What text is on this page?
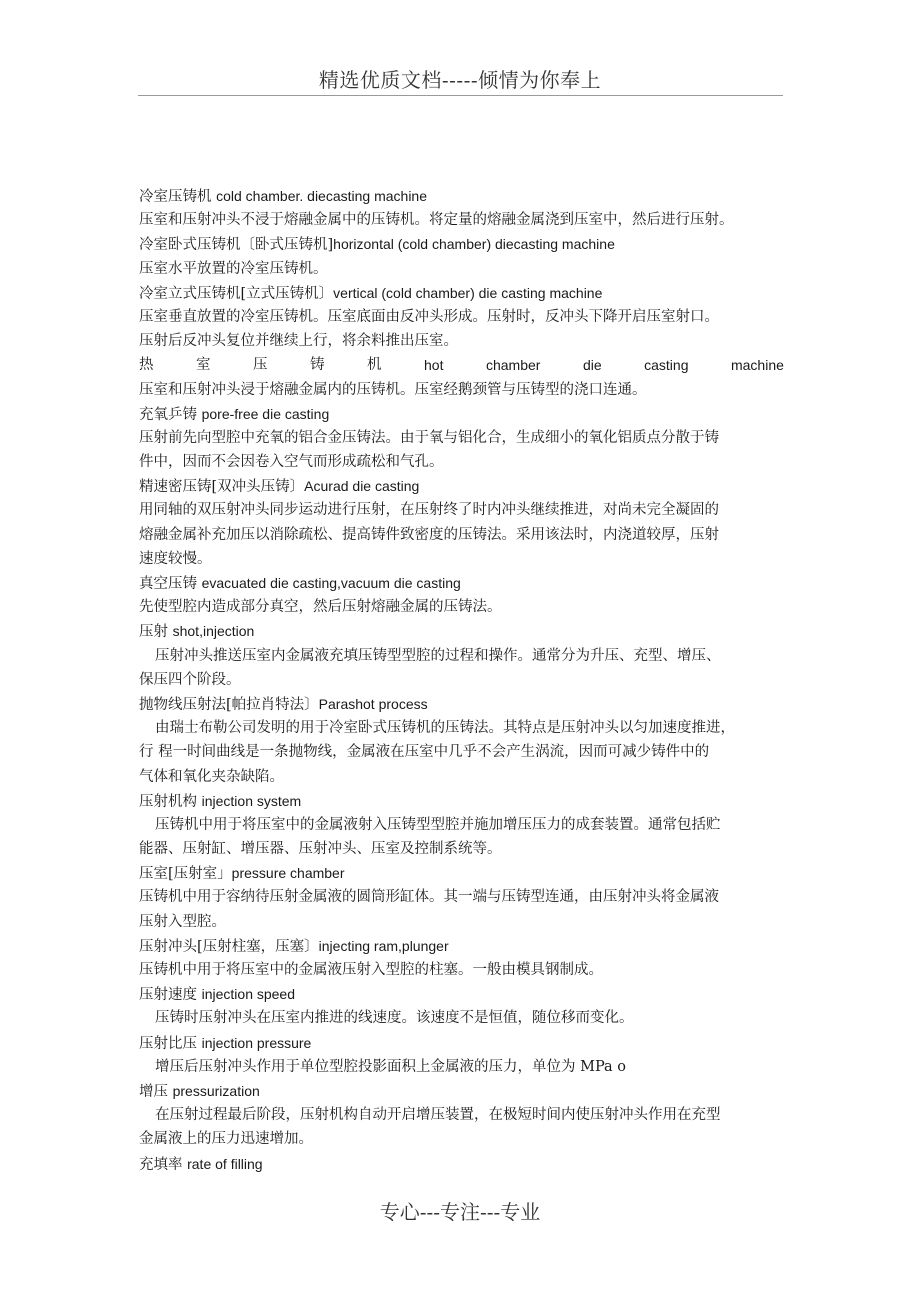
精选优质文档-----倾情为你奉上
冷室压铸机 cold chamber. diecasting machine
压室和压射冲头不浸于熔融金属中的压铸机。将定量的熔融金属浇到压室中，然后进行压射。
冷室卧式压铸机〔卧式压铸机]horizontal (cold chamber) diecasting machine
压室水平放置的冷室压铸机。
冷室立式压铸机[立式压铸机〕vertical (cold chamber) die casting machine
压室垂直放置的冷室压铸机。压室底面由反冲头形成。压射时，反冲头下降开启压室射口。
压射后反冲头复位并继续上行，将余料推出压室。
热	室	压	铸	机	hot	chamber	die	casting	machine
压室和压射冲头浸于熔融金属内的压铸机。压室经鹅颈管与压铸型的浇口连通。
充氧乒铸 pore-free die casting
压射前先向型腔中充氧的铝合金压铸法。由于氧与铝化合，生成细小的氧化铝质点分散于铸
件中，因而不会因卷入空气而形成疏松和气孔。
精速密压铸[双冲头压铸〕Acurad die casting
用同轴的双压射冲头同步运动进行压射，在压射终了时内冲头继续推进，对尚未完全凝固的
熔融金属补充加压以消除疏松、提高铸件致密度的压铸法。采用该法时，内浇道较厚，压射
速度较慢。
真空压铸 evacuated die casting,vacuum die casting
先使型腔内造成部分真空，然后压射熔融金属的压铸法。
压射 shot,injection
压射冲头推送压室内金属液充填压铸型型腔的过程和操作。通常分为升压、充型、增压、
保压四个阶段。
抛物线压射法[帕拉肖特法〕Parashot process
由瑞士布勒公司发明的用于冷室卧式压铸机的压铸法。其特点是压射冲头以匀加速度推进，
行 程一时间曲线是一条抛物线，金属液在压室中几乎不会产生涡流，因而可减少铸件中的
气体和氧化夹杂缺陷。
压射机构 injection system
压铸机中用于将压室中的金属液射入压铸型型腔并施加增压压力的成套装置。通常包括贮
能器、压射缸、增压器、压射冲头、压室及控制系统等。
压室[压射室」pressure chamber
压铸机中用于容纳待压射金属液的圆筒形缸体。其一端与压铸型连通，由压射冲头将金属液
压射入型腔。
压射冲头[压射柱塞，压塞〕injecting ram,plunger
压铸机中用于将压室中的金属液压射入型腔的柱塞。一般由模具钢制成。
压射速度 injection speed
压铸时压射冲头在压室内推进的线速度。该速度不是恒值，随位移而变化。
压射比压 injection pressure
增压后压射冲头作用于单位型腔投影面积上金属液的压力，单位为 MPa o
增压 pressurization
在压射过程最后阶段，压射机构自动开启增压装置，在极短时间内使压射冲头作用在充型
金属液上的压力迅速增加。
充填率 rate of filling
专心---专注---专业
